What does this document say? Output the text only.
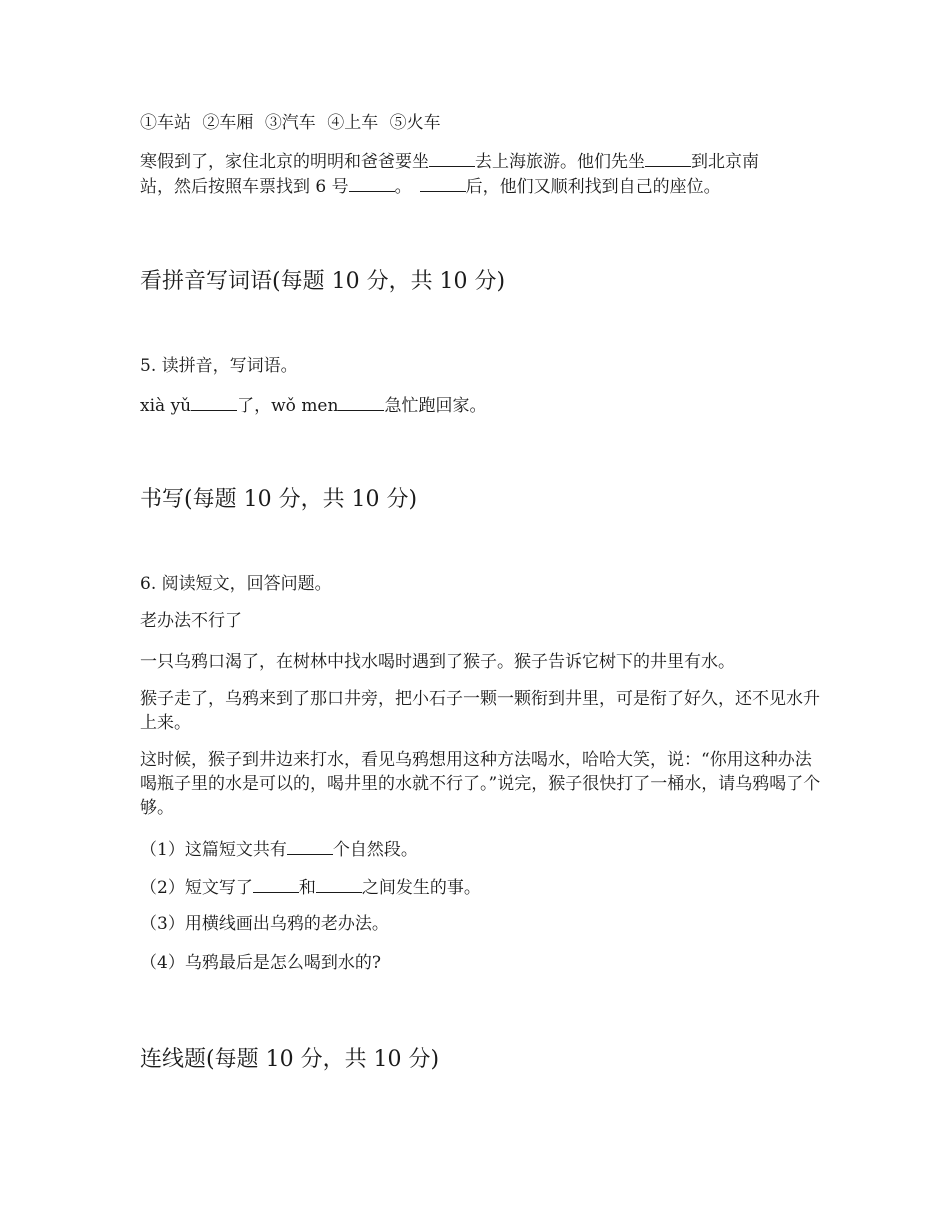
①车站 ②车厢 ③汽车 ④上车 ⑤火车

寒假到了，家住北京的明明和爸爸要坐	去上海旅游。他们先坐	到北京南

站，然后按照车票找到 6 号	。	后，他们又顺利找到自己的座位。

看拼音写词语(每题 10 分，共 10 分)

5. 读拼音，写词语。

xià yǔ	了，wǒ men	急忙跑回家。

书写(每题 10 分，共 10 分)

6. 阅读短文，回答问题。

老办法不行了

一只乌鸦口渴了，在树林中找水喝时遇到了猴子。猴子告诉它树下的井里有水。

猴子走了，乌鸦来到了那口井旁，把小石子一颗一颗衔到井里，可是衔了好久，还不见水升上来。

这时候，猴子到井边来打水，看见乌鸦想用这种方法喝水，哈哈大笑，说：“你用这种办法喝瓶子里的水是可以的，喝井里的水就不行了。”说完，猴子很快打了一桶水，请乌鸦喝了个够。

（1）这篇短文共有	个自然段。

（2）短文写了	和	之间发生的事。

（3）用横线画出乌鸦的老办法。

（4）乌鸦最后是怎么喝到水的?

连线题(每题 10 分，共 10 分)
